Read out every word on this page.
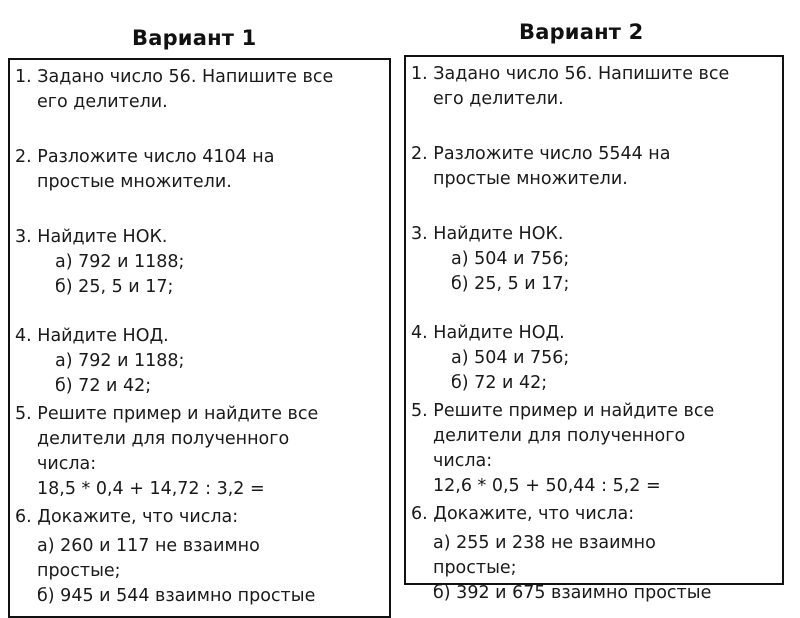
Вариант 1	Вариант 2
1. Задано число 56. Напишите все
его делители.
2. Разложите число 4104 на
простые множители.
3. Найдите НОК.
а) 792 и 1188;
б) 25, 5 и 17;
4. Найдите НОД.
а) 792 и 1188;
б) 72 и 42;
5. Решите пример и найдите все
делители для полученного
числа:
18,5 * 0,4 + 14,72 : 3,2 =
6. Докажите, что числа:
а) 260 и 117 не взаимно
простые;
б) 945 и 544 взаимно простые
1. Задано число 56. Напишите все
его делители.
2. Разложите число 5544 на
простые множители.
3. Найдите НОК.
а) 504 и 756;
б) 25, 5 и 17;
4. Найдите НОД.
а) 504 и 756;
б) 72 и 42;
5. Решите пример и найдите все
делители для полученного
числа:
12,6 * 0,5 + 50,44 : 5,2 =
6. Докажите, что числа:
а) 255 и 238 не взаимно
простые;
б) 392 и 675 взаимно простые
